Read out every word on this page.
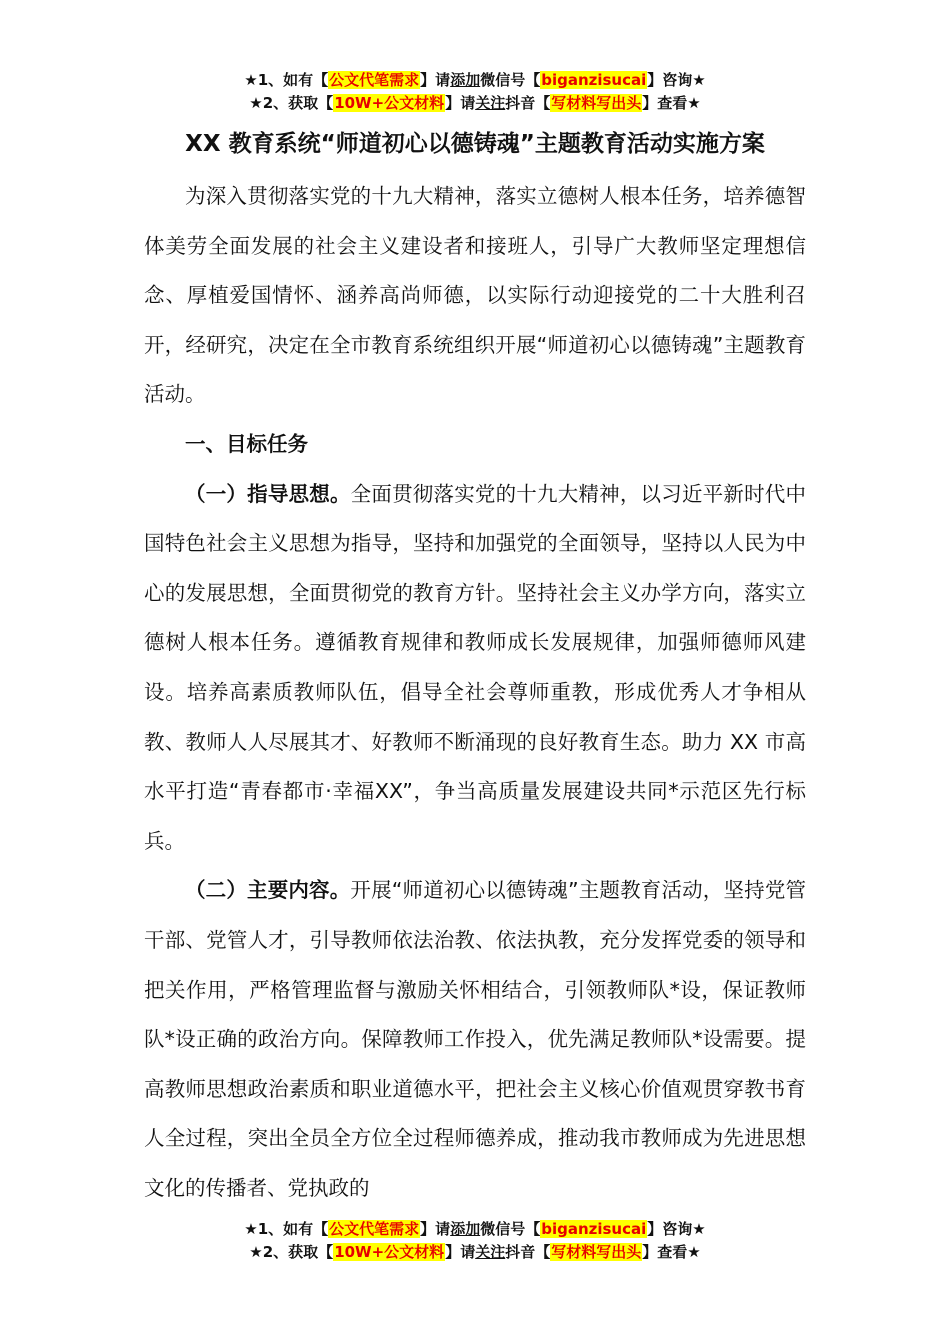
★1、如有【公文代笔需求】请添加微信号【biganzisucai】咨询★
★2、获取【10W+公文材料】请关注抖音【写材料写出头】查看★
XX 教育系统“师道初心以德铸魂”主题教育活动实施方案

为深入贯彻落实党的十九大精神，落实立德树人根本任务，培养德智体美劳全面发展的社会主义建设者和接班人，引导广大教师坚定理想信念、厚植爱国情怀、涵养高尚师德，以实际行动迎接党的二十大胜利召开，经研究，决定在全市教育系统组织开展“师道初心以德铸魂”主题教育活动。

一、目标任务

（一）指导思想。全面贯彻落实党的十九大精神，以习近平新时代中国特色社会主义思想为指导，坚持和加强党的全面领导，坚持以人民为中心的发展思想，全面贯彻党的教育方针。坚持社会主义办学方向，落实立德树人根本任务。遵循教育规律和教师成长发展规律，加强师德师风建设。培养高素质教师队伍，倡导全社会尊师重教，形成优秀人才争相从教、教师人人尽展其才、好教师不断涌现的良好教育生态。助力 XX 市高水平打造“青春都市·幸福XX”，争当高质量发展建设共同*示范区先行标兵。

（二）主要内容。开展“师道初心以德铸魂”主题教育活动，坚持党管干部、党管人才，引导教师依法治教、依法执教，充分发挥党委的领导和把关作用，严格管理监督与激励关怀相结合，引领教师队*设，保证教师队*设正确的政治方向。保障教师工作投入，优先满足教师队*设需要。提高教师思想政治素质和职业道德水平，把社会主义核心价值观贯穿教书育人全过程，突出全员全方位全过程师德养成，推动我市教师成为先进思想文化的传播者、党执政的

★1、如有【公文代笔需求】请添加微信号【biganzisucai】咨询★
★2、获取【10W+公文材料】请关注抖音【写材料写出头】查看★
